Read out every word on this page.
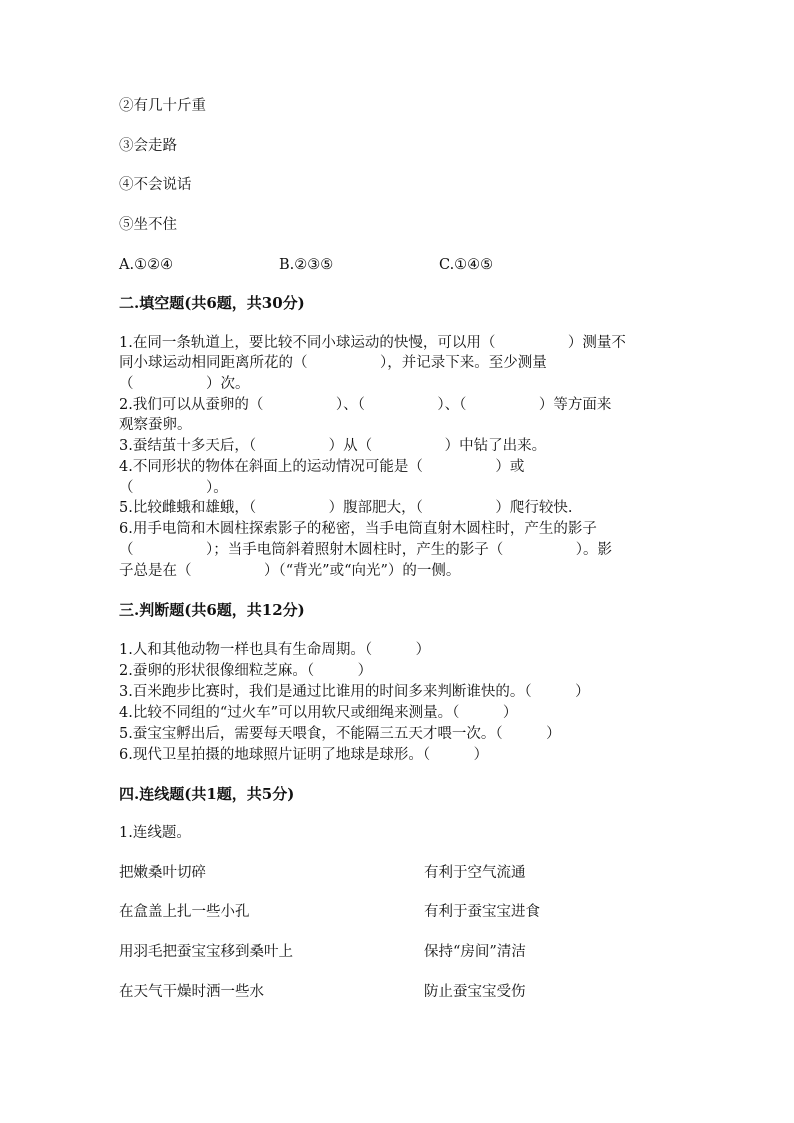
②有几十斤重
③会走路
④不会说话
⑤坐不住
A.①②④	B.②③⑤	C.①④⑤
二.填空题(共6题，共30分)
1.在同一条轨道上，要比较不同小球运动的快慢，可以用（　　　　　）测量不
同小球运动相同距离所花的（　　　　　），并记录下来。至少测量
（　　　　　）次。
2.我们可以从蚕卵的（　　　　　）、（　　　　　）、（　　　　　）等方面来
观察蚕卵。
3.蚕结茧十多天后，（　　　　　）从（　　　　　）中钻了出来。
4.不同形状的物体在斜面上的运动情况可能是（　　　　　）或
（　　　　　）。
5.比较雌蛾和雄蛾，（　　　　　）腹部肥大，（　　　　　）爬行较快.
6.用手电筒和木圆柱探索影子的秘密，当手电筒直射木圆柱时，产生的影子
（　　　　　）；当手电筒斜着照射木圆柱时，产生的影子（　　　　　）。影
子总是在（　　　　　）（“背光”或“向光”）的一侧。
三.判断题(共6题，共12分)
1.人和其他动物一样也具有生命周期。（　　　）
2.蚕卵的形状很像细粒芝麻。（　　　）
3.百米跑步比赛时，我们是通过比谁用的时间多来判断谁快的。（　　　）
4.比较不同组的“过火车”可以用软尺或细绳来测量。（　　　）
5.蚕宝宝孵出后，需要每天喂食，不能隔三五天才喂一次。（　　　）
6.现代卫星拍摄的地球照片证明了地球是球形。（　　　）
四.连线题(共1题，共5分)
1.连线题。
把嫩桑叶切碎	有利于空气流通
在盒盖上扎一些小孔	有利于蚕宝宝进食
用羽毛把蚕宝宝移到桑叶上	保持“房间”清洁
在天气干燥时洒一些水	防止蚕宝宝受伤
